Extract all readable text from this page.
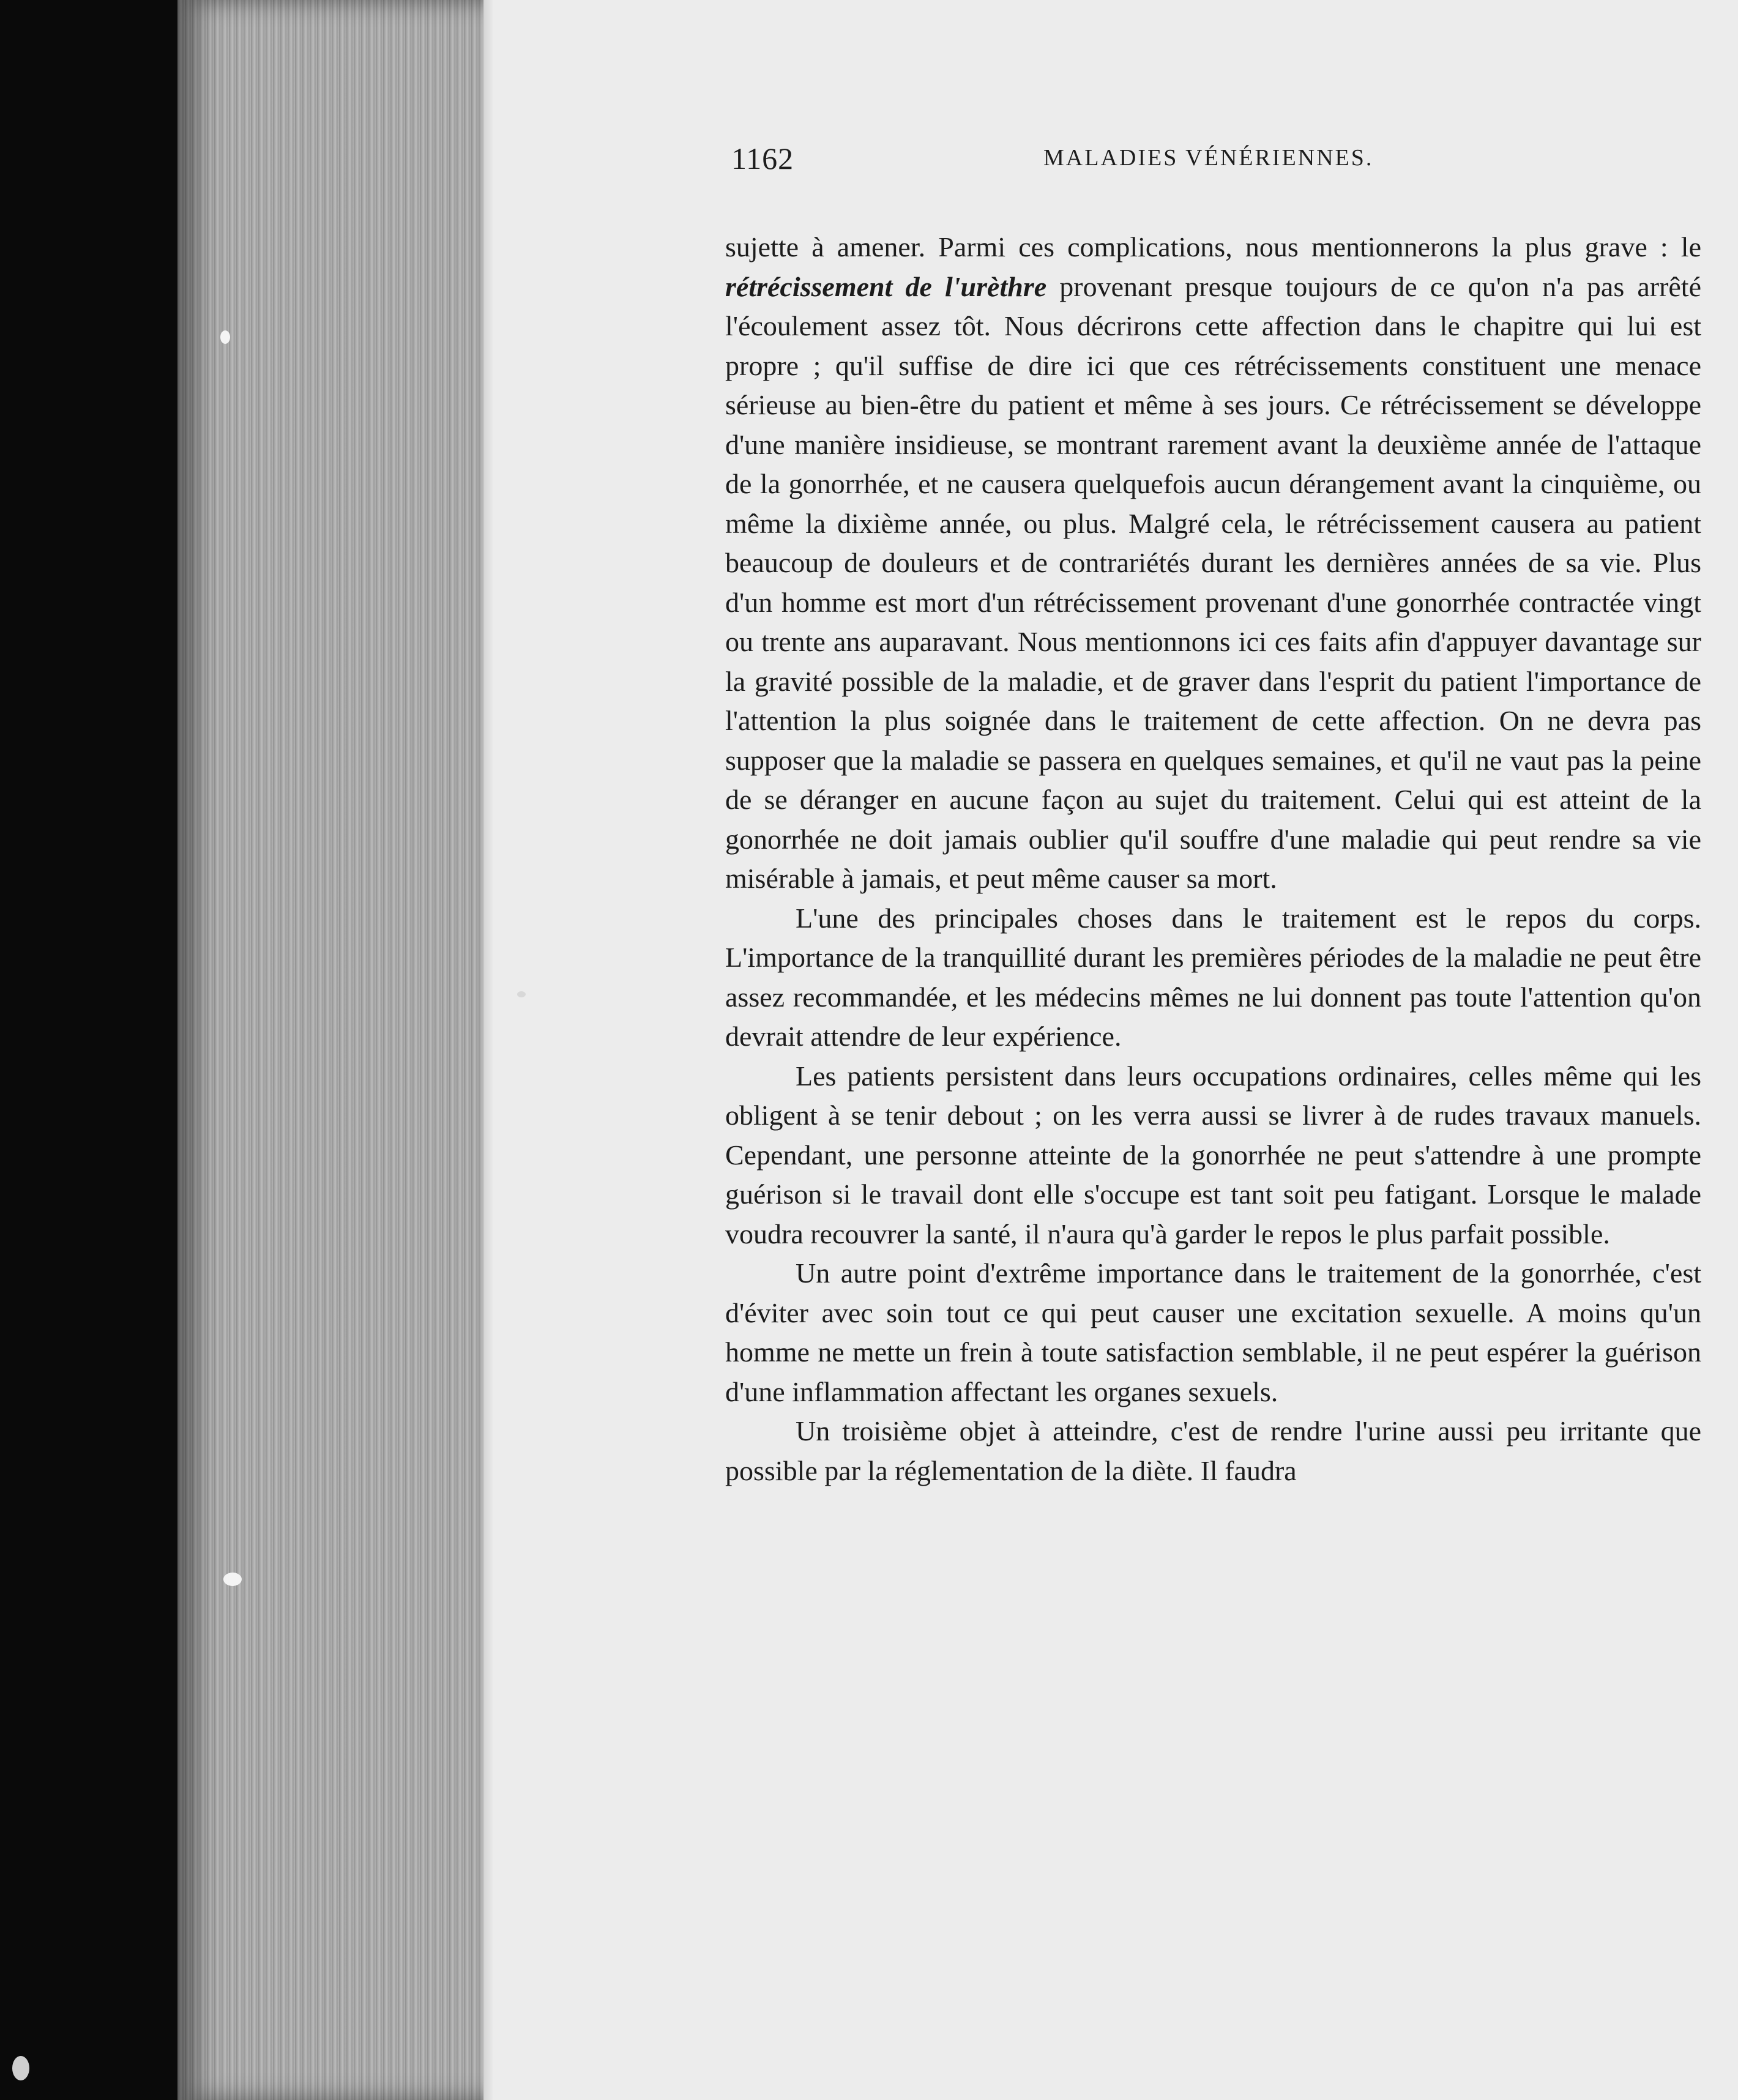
1162	MALADIES VÉNÉRIENNES.

sujette à amener. Parmi ces complications, nous mentionnerons la plus grave : le rétrécissement de l'urèthre provenant presque toujours de ce qu'on n'a pas arrêté l'écoulement assez tôt. Nous décrirons cette affection dans le chapitre qui lui est propre ; qu'il suffise de dire ici que ces rétrécissements constituent une menace sérieuse au bien-être du patient et même à ses jours. Ce rétrécissement se développe d'une manière insidieuse, se montrant rarement avant la deuxième année de l'attaque de la gonorrhée, et ne causera quelquefois aucun dérangement avant la cinquième, ou même la dixième année, ou plus. Malgré cela, le rétrécissement causera au patient beaucoup de douleurs et de contrariétés durant les dernières années de sa vie. Plus d'un homme est mort d'un rétrécissement provenant d'une gonorrhée contractée vingt ou trente ans auparavant. Nous mentionnons ici ces faits afin d'appuyer davantage sur la gravité possible de la maladie, et de graver dans l'esprit du patient l'importance de l'attention la plus soignée dans le traitement de cette affection. On ne devra pas supposer que la maladie se passera en quelques semaines, et qu'il ne vaut pas la peine de se déranger en aucune façon au sujet du traitement. Celui qui est atteint de la gonorrhée ne doit jamais oublier qu'il souffre d'une maladie qui peut rendre sa vie misérable à jamais, et peut même causer sa mort.

L'une des principales choses dans le traitement est le repos du corps. L'importance de la tranquillité durant les premières périodes de la maladie ne peut être assez recommandée, et les médecins mêmes ne lui donnent pas toute l'attention qu'on devrait attendre de leur expérience.

Les patients persistent dans leurs occupations ordinaires, celles même qui les obligent à se tenir debout ; on les verra aussi se livrer à de rudes travaux manuels. Cependant, une personne atteinte de la gonorrhée ne peut s'attendre à une prompte guérison si le travail dont elle s'occupe est tant soit peu fatigant. Lorsque le malade voudra recouvrer la santé, il n'aura qu'à garder le repos le plus parfait possible.

Un autre point d'extrême importance dans le traitement de la gonorrhée, c'est d'éviter avec soin tout ce qui peut causer une excitation sexuelle. A moins qu'un homme ne mette un frein à toute satisfaction semblable, il ne peut espérer la guérison d'une inflammation affectant les organes sexuels.

Un troisième objet à atteindre, c'est de rendre l'urine aussi peu irritante que possible par la réglementation de la diète. Il faudra
